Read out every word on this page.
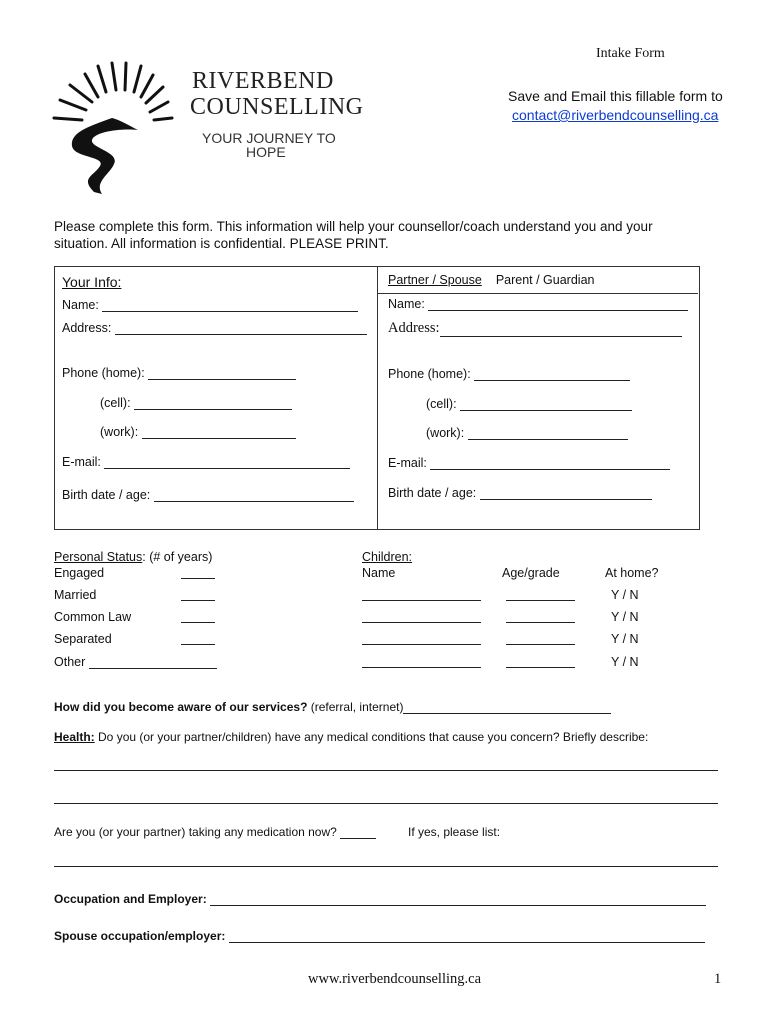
Intake Form
Save and Email this fillable form to
contact@riverbendcounselling.ca
RIVERBEND
COUNSELLING
YOUR JOURNEY TO
HOPE
Please complete this form. This information will help your counsellor/coach understand you and your
situation. All information is confidential. PLEASE PRINT.
Your Info:
Name:
Address:
Phone (home):
(cell):
(work):
E-mail:
Birth date / age:
Partner / Spouse Parent / Guardian
Name:
Address:
Phone (home):
(cell):
(work):
E-mail:
Birth date / age:
Personal Status: (# of years)
Engaged
Married
Common Law
Separated
Other
Children:
Name	Age/grade	At home?
Y / N
Y / N
Y / N
Y / N
How did you become aware of our services? (referral, internet)
Health: Do you (or your partner/children) have any medical conditions that cause you concern? Briefly describe:
Are you (or your partner) taking any medication now?	If yes, please list:
Occupation and Employer:
Spouse occupation/employer:
www.riverbendcounselling.ca	1
